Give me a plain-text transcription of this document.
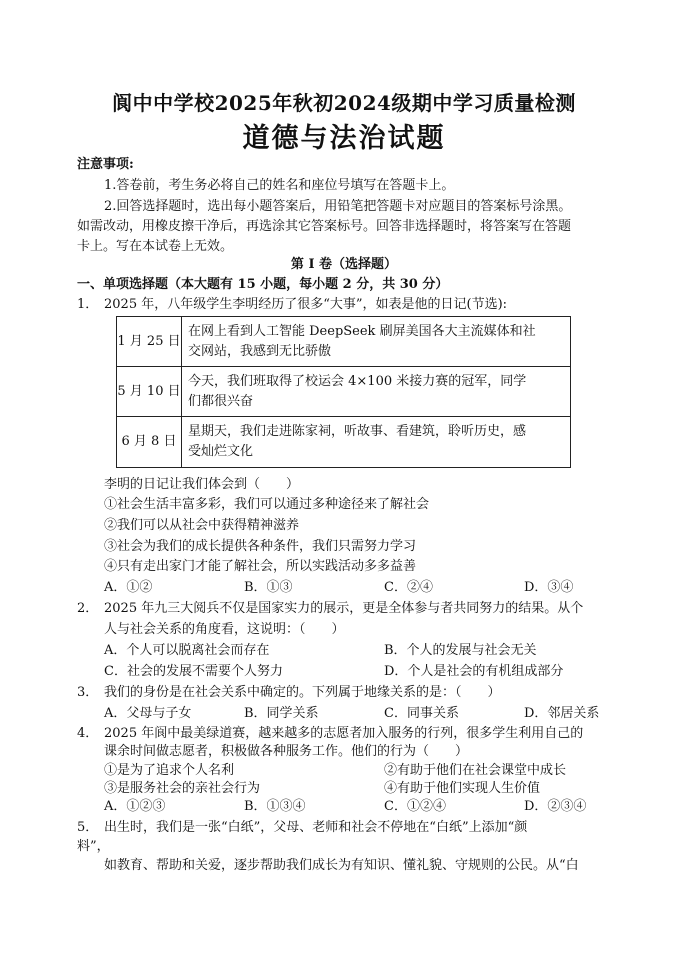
阆中中学校2025年秋初2024级期中学习质量检测
道德与法治试题
注意事项:
1.答卷前，考生务必将自己的姓名和座位号填写在答题卡上。
2.回答选择题时，选出每小题答案后，用铅笔把答题卡对应题目的答案标号涂黑。
如需改动，用橡皮擦干净后，再选涂其它答案标号。回答非选择题时，将答案写在答题
卡上。写在本试卷上无效。
第 I 卷（选择题）
一、单项选择题（本大题有 15 小题，每小题 2 分，共 30 分）
1． 2025 年，八年级学生李明经历了很多“大事”，如表是他的日记(节选):
1 月 25 日	在网上看到人工智能 DeepSeek 刷屏美国各大主流媒体和社
交网站，我感到无比骄傲

5 月 10 日	今天，我们班取得了校运会 4×100 米接力赛的冠军，同学
们都很兴奋

6 月 8 日	星期天，我们走进陈家祠，听故事、看建筑，聆听历史，感
受灿烂文化
李明的日记让我们体会到（　　）
①社会生活丰富多彩，我们可以通过多种途径来了解社会
②我们可以从社会中获得精神滋养
③社会为我们的成长提供各种条件，我们只需努力学习
④只有走出家门才能了解社会，所以实践活动多多益善
A．①②	B．①③	C．②④	D．③④
2． 2025 年九三大阅兵不仅是国家实力的展示，更是全体参与者共同努力的结果。从个
人与社会关系的角度看，这说明：（　　）
A．个人可以脱离社会而存在	B．个人的发展与社会无关
C．社会的发展不需要个人努力	D．个人是社会的有机组成部分
3． 我们的身份是在社会关系中确定的。下列属于地缘关系的是：（　　）
A．父母与子女	B．同学关系	C．同事关系	D．邻居关系
4． 2025 年阆中最美绿道赛，越来越多的志愿者加入服务的行列，很多学生利用自己的
课余时间做志愿者，积极做各种服务工作。他们的行为（　　）
①是为了追求个人名利	②有助于他们在社会课堂中成长
③是服务社会的亲社会行为	④有助于他们实现人生价值
A．①②③	B．①③④	C．①②④	D．②③④
5． 出生时，我们是一张“白纸”，父母、老师和社会不停地在“白纸”上添加“颜
料”，
如教育、帮助和关爱，逐步帮助我们成长为有知识、懂礼貌、守规则的公民。从“白
